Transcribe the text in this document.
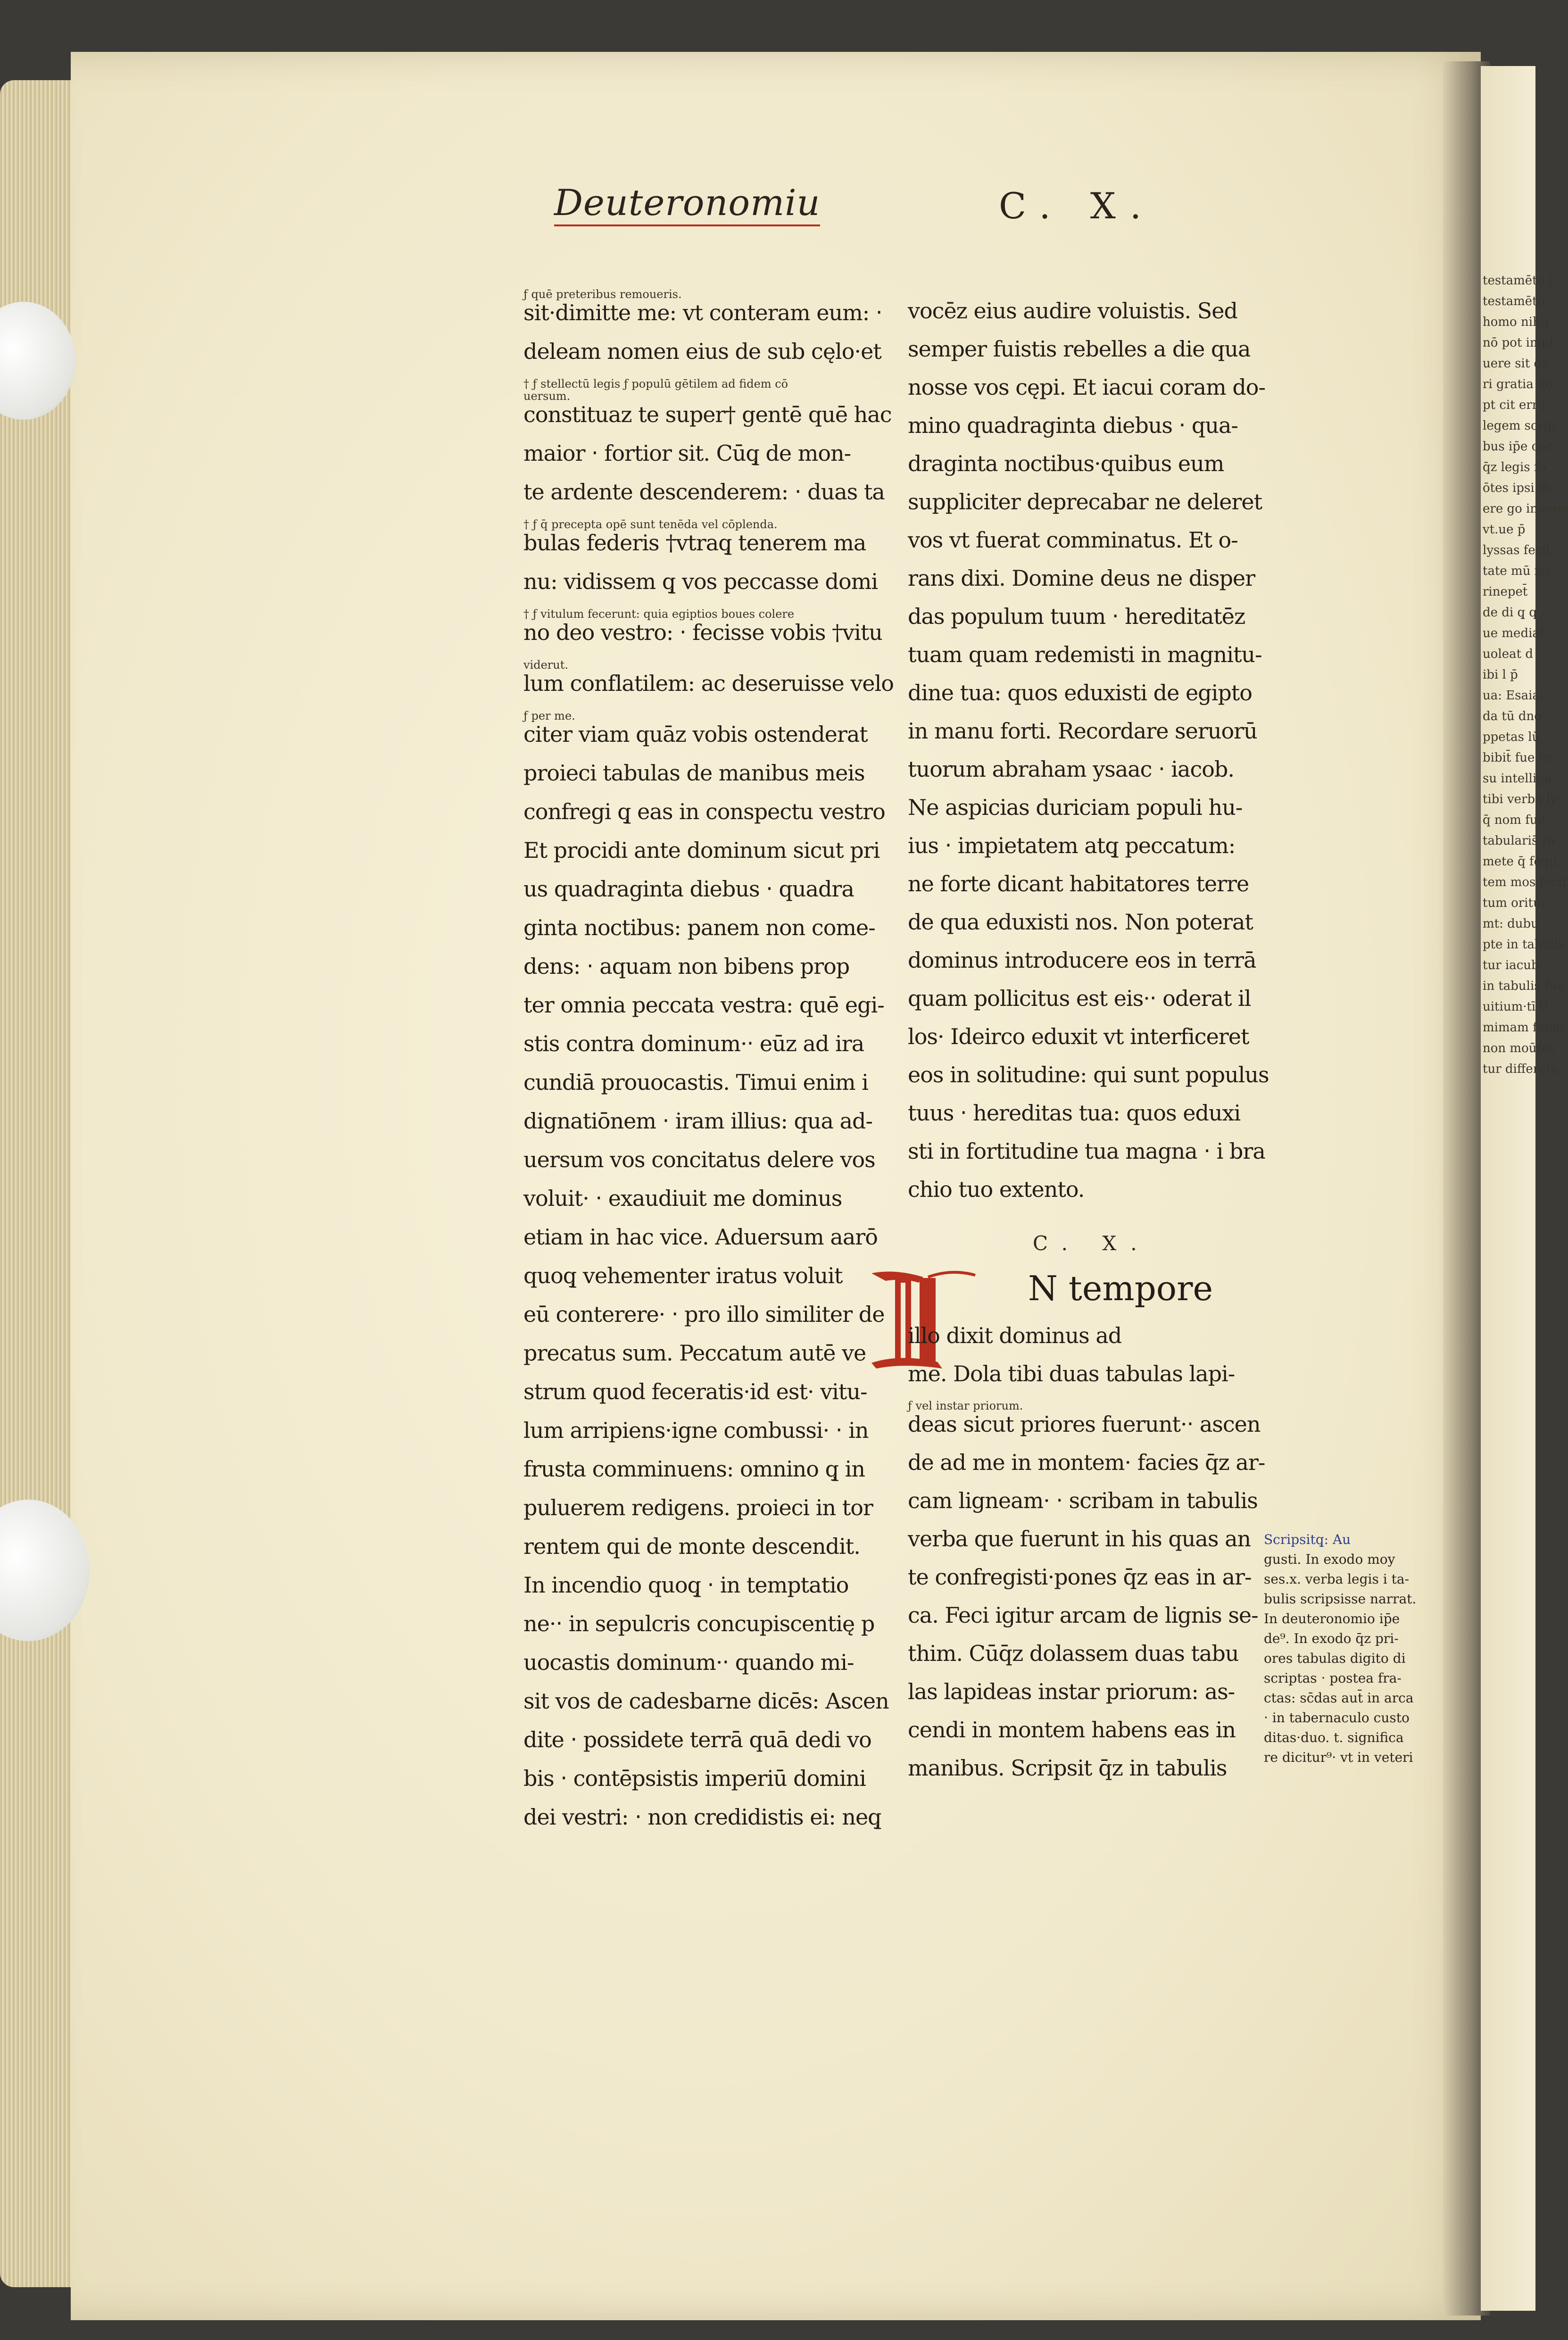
testamēto l
testamēto
homo nihil
nō pot impl
uere sit q̄r
ri gratia no
pt cit erro
legem scrip
bus ip̄e cor
q̄z legis fo
ōtes ipsi di
ere go inuene
vt.ue p̄̄
lyssas fecit ;
tate mū iss
rinepet̄
de di q̧ q
ue mediat.
uoleat d
ibi l p̄̄
ua: Esaia.
da tū dno
ppetas lū
bibit̄ fue re
su intelliga
tibi verba ly
q̄ nom fuit
tabularis̄ ra
mete q̄ fequ
tem mos fecit
tum oritur·
mt: dubu
pte in tabulis
tur iacub
in tabulis fue
uitium·tī ti
mimam fabat
non moūfen
tur differęta
Deuteronomiu	C. X.
ƒ quē preteribus remoueris.
sit·dimitte me: vt conteram eum: ‧
deleam nomen eius de sub cęlo·et
† ƒ stellectū legis ƒ populū gētilem ad fidem cō
uersum.
constituaz te super† gentē quē hac
maior ‧ fortior sit. Cūq̧ de mon-
te ardente descenderem: ‧ duas ta
† ƒ q̄ precepta opē sunt tenēda vel cōplenda.
bulas federis †vtraq̧ tenerem ma
nu: vidissem q̧ vos peccasse domi
† ƒ vitulum fecerunt: quia egiptios boues colere
no deo vestro: ‧ fecisse vobis †vitu
viderut.
lum conflatilem: ac deseruisse velo
ƒ per me.
citer viam quāz vobis ostenderat
proieci tabulas de manibus meis
confregi q̧ eas in conspectu vestro
Et procidi ante dominum sicut pri
us quadraginta diebus ‧ quadra
ginta noctibus: panem non come-
dens: ‧ aquam non bibens prop
ter omnia peccata vestra: quē egi-
stis contra dominum·‧ eūz ad ira
cundiā prouocastis. Timui enim i
dignatiōnem ‧ iram illius: qua ad-
uersum vos concitatus delere vos
voluit· ‧ exaudiuit me dominus
etiam in hac vice. Aduersum aarō
quoq̧ vehementer iratus voluit
eū conterere· ‧ pro illo similiter de
precatus sum. Peccatum autē ve
strum quod feceratis·id est· vitu-
lum arripiens·igne combussi· ‧ in
frusta comminuens: omnino q̧ in
puluerem redigens. proieci in tor
rentem qui de monte descendit.
In incendio quoq̧ ‧ in temptatio
ne·‧ in sepulcris concupiscentię p
uocastis dominum·‧ quando mi-
sit vos de cadesbarne dicēs: Ascen
dite ‧ possidete terrā quā dedi vo
bis ‧ contēpsistis imperiū domini
dei vestri: ‧ non credidistis ei: neq̧
vocēz eius audire voluistis. Sed
semper fuistis rebelles a die qua
nosse vos cępi. Et iacui coram do-
mino quadraginta diebus ‧ qua-
draginta noctibus·quibus eum
suppliciter deprecabar ne deleret
vos vt fuerat comminatus. Et o-
rans dixi. Domine deus ne disper
das populum tuum ‧ hereditatēz
tuam quam redemisti in magnitu-
dine tua: quos eduxisti de egipto
in manu forti. Recordare seruorū
tuorum abraham ysaac ‧ iacob.
Ne aspicias duriciam populi hu-
ius ‧ impietatem atq̧ peccatum:
ne forte dicant habitatores terre
de qua eduxisti nos. Non poterat
dominus introducere eos in terrā
quam pollicitus est eis·‧ oderat il
los· Ideirco eduxit vt interficeret
eos in solitudine: qui sunt populus
tuus ‧ hereditas tua: quos eduxi
sti in fortitudine tua magna ‧ i bra
chio tuo extento.
C. X.
N tempore
illo dixit dominus ad
me. Dola tibi duas tabulas lapi-
ƒ vel instar priorum.
deas sicut priores fuerunt·‧ ascen
de ad me in montem· facies q̄z ar-
cam ligneam· ‧ scribam in tabulis
verba que fuerunt in his quas an
te confregisti·pones q̄z eas in ar-
ca. Feci igitur arcam de lignis se-
thim. Cūq̄z dolassem duas tabu
las lapideas instar priorum: as-
cendi in montem habens eas in
manibus. Scripsit q̄z in tabulis
Scripsitq̧: Au
gusti. In exodo moy
ses.x. verba legis i ta-
bulis scripsisse narrat.
In deuteronomio ip̄e
de⁹. In exodo q̄z pri-
ores tabulas digito di
scriptas ‧ postea fra-
ctas: sc̄das aut̄ in arca
‧ in tabernaculo custo
ditas·duo. t. significa
re dicitur⁹· vt in veteri
